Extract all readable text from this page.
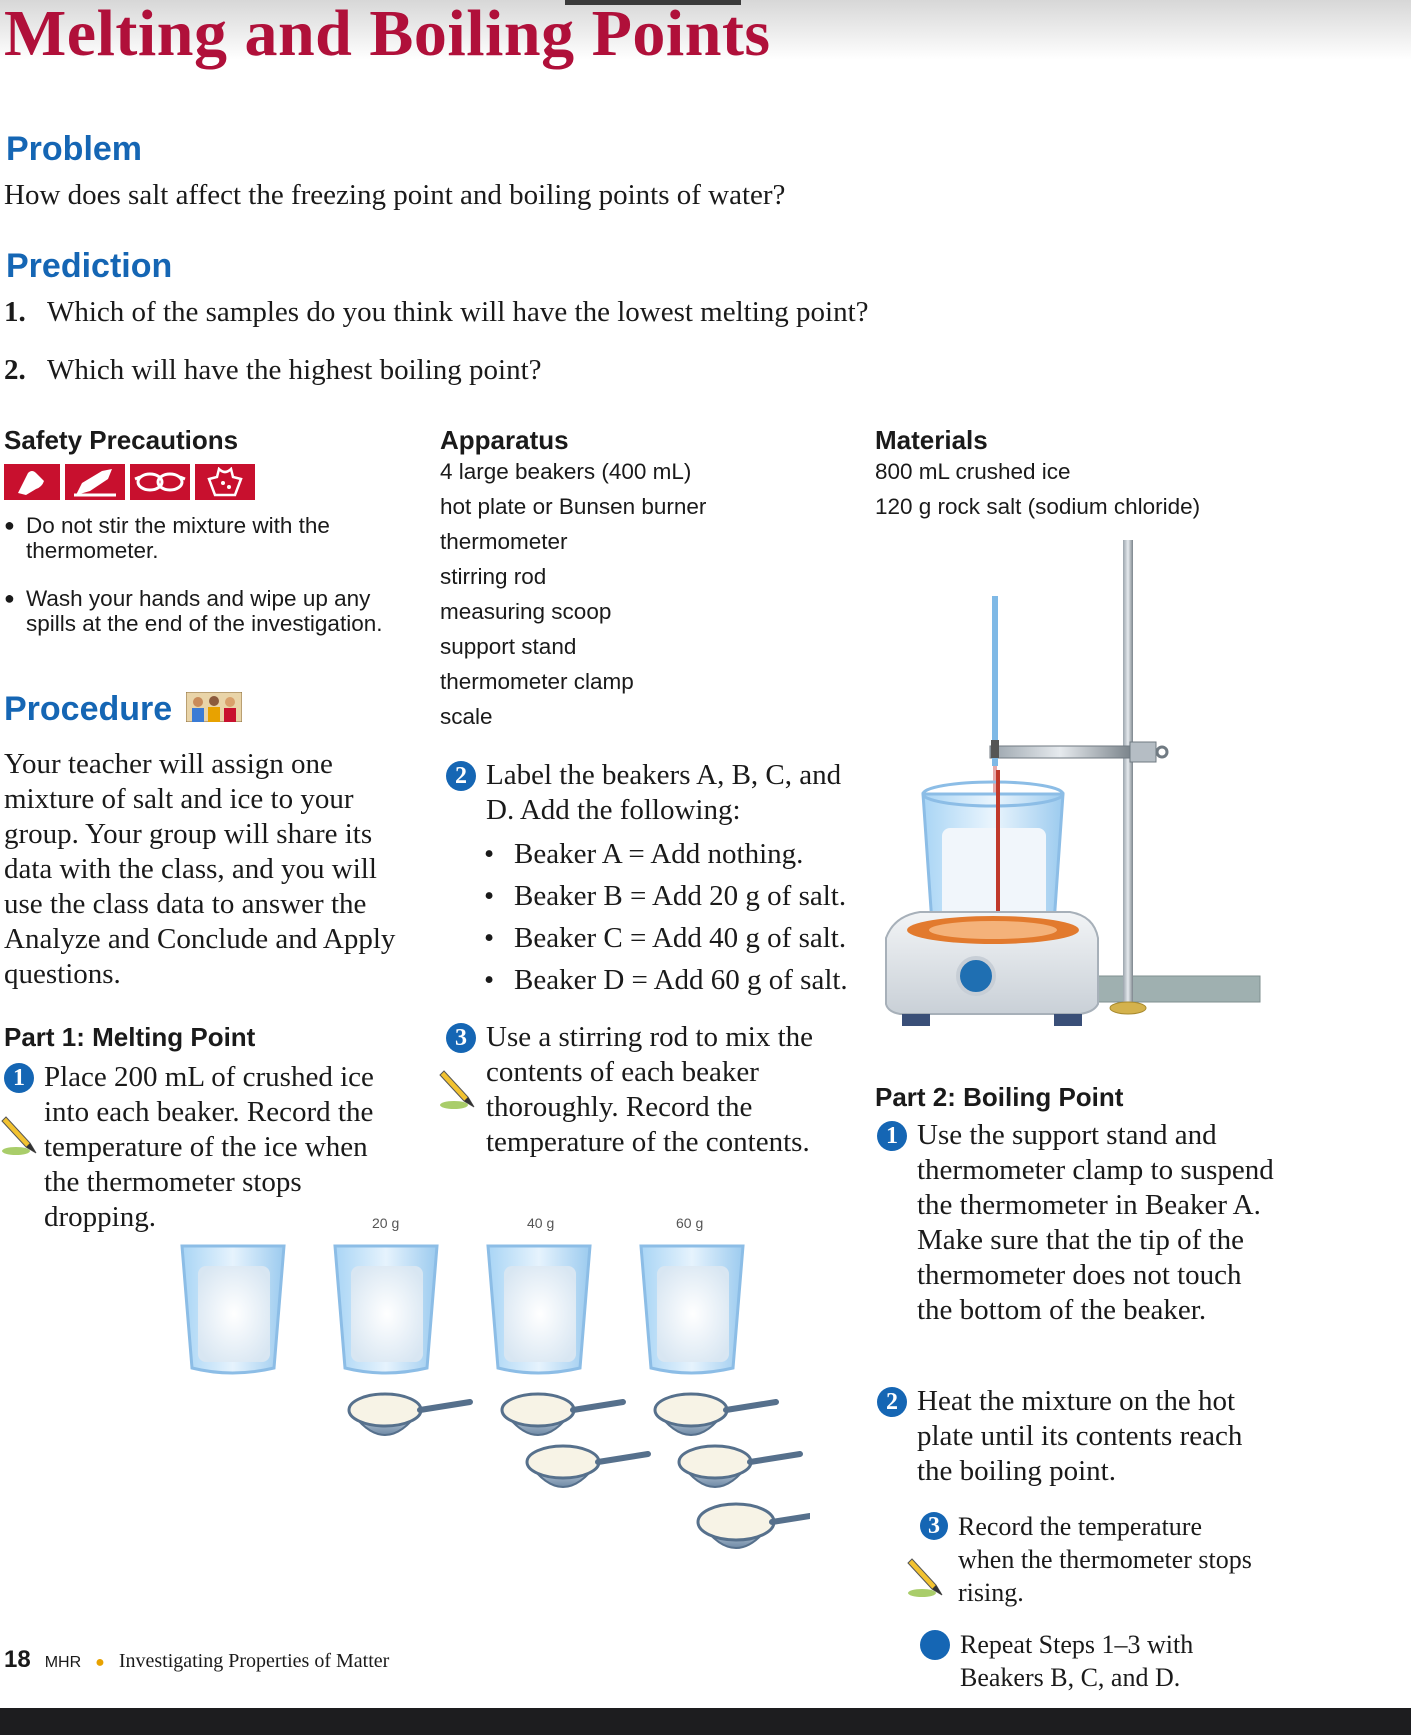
Melting and Boiling Points
Problem
How does salt affect the freezing point and boiling points of water?
Prediction
1. Which of the samples do you think will have the lowest melting point?
2. Which will have the highest boiling point?
Safety Precautions
● Do not stir the mixture with the thermometer.
● Wash your hands and wipe up any spills at the end of the investigation.
Apparatus
4 large beakers (400 mL)
hot plate or Bunsen burner
thermometer
stirring rod
measuring scoop
support stand
thermometer clamp
scale
Materials
800 mL crushed ice
120 g rock salt (sodium chloride)
Procedure
Your teacher will assign one mixture of salt and ice to your group. Your group will share its data with the class, and you will use the class data to answer the Analyze and Conclude and Apply questions.
Part 1: Melting Point
1 Place 200 mL of crushed ice into each beaker. Record the temperature of the ice when the thermometer stops dropping.
2 Label the beakers A, B, C, and D. Add the following:
• Beaker A = Add nothing.
• Beaker B = Add 20 g of salt.
• Beaker C = Add 40 g of salt.
• Beaker D = Add 60 g of salt.
3 Use a stirring rod to mix the contents of each beaker thoroughly. Record the temperature of the contents.
20 g	40 g	60 g
Part 2: Boiling Point
1 Use the support stand and thermometer clamp to suspend the thermometer in Beaker A. Make sure that the tip of the thermometer does not touch the bottom of the beaker.
2 Heat the mixture on the hot plate until its contents reach the boiling point.
3 Record the temperature when the thermometer stops rising.
Repeat Steps 1–3 with Beakers B, C, and D.
18 MHR ● Investigating Properties of Matter
